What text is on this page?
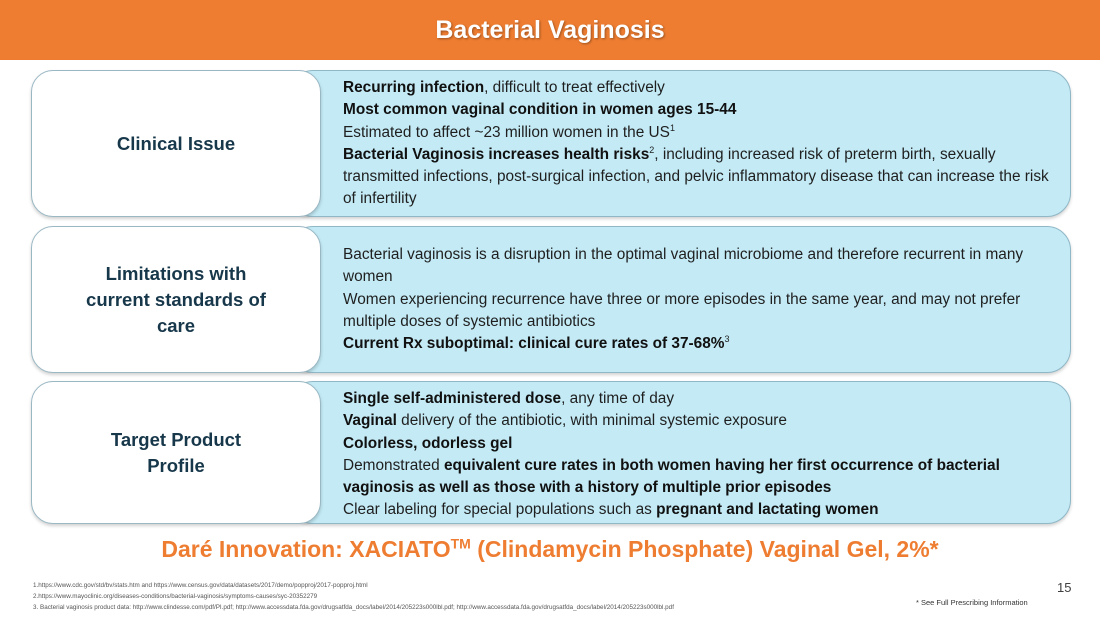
Bacterial Vaginosis
• Recurring infection, difficult to treat effectively
• Most common vaginal condition in women ages 15-44
• Estimated to affect ~23 million women in the $US^1$
• Bacterial Vaginosis increases health risks$^2$, including increased risk of preterm birth, sexually transmitted infections, post-surgical infection, and pelvic inflammatory disease that can increase the risk of infertility
Clinical Issue
• Bacterial vaginosis is a disruption in the optimal vaginal microbiome and therefore recurrent in many women
• Women experiencing recurrence have three or more episodes in the same year, and may not prefer multiple doses of systemic antibiotics
• Current Rx suboptimal: clinical cure rates of 37-68%$^3$
Limitations with
current standards of
care
• Single self-administered dose, any time of day
• Vaginal delivery of the antibiotic, with minimal systemic exposure
• Colorless, odorless gel
• Demonstrated equivalent cure rates in both women having her first occurrence of bacterial vaginosis as well as those with a history of multiple prior episodes
• Clear labeling for special populations such as pregnant and lactating women
Target Product
Profile
Daré Innovation: XACIATO™ (Clindamycin Phosphate) Vaginal Gel, 2%*
1.https://www.cdc.gov/std/bv/stats.htm and https://www.census.gov/data/datasets/2017/demo/popproj/2017-popproj.html
2.https://www.mayoclinic.org/diseases-conditions/bacterial-vaginosis/symptoms-causes/syc-20352279
3. Bacterial vaginosis product data: http://www.clindesse.com/pdf/PI.pdf; http://www.accessdata.fda.gov/drugsatfda_docs/label/2014/205223s000lbl.pdf; http://www.accessdata.fda.gov/drugsatfda_docs/label/2014/205223s000lbl.pdf
15
* See Full Prescribing Information
